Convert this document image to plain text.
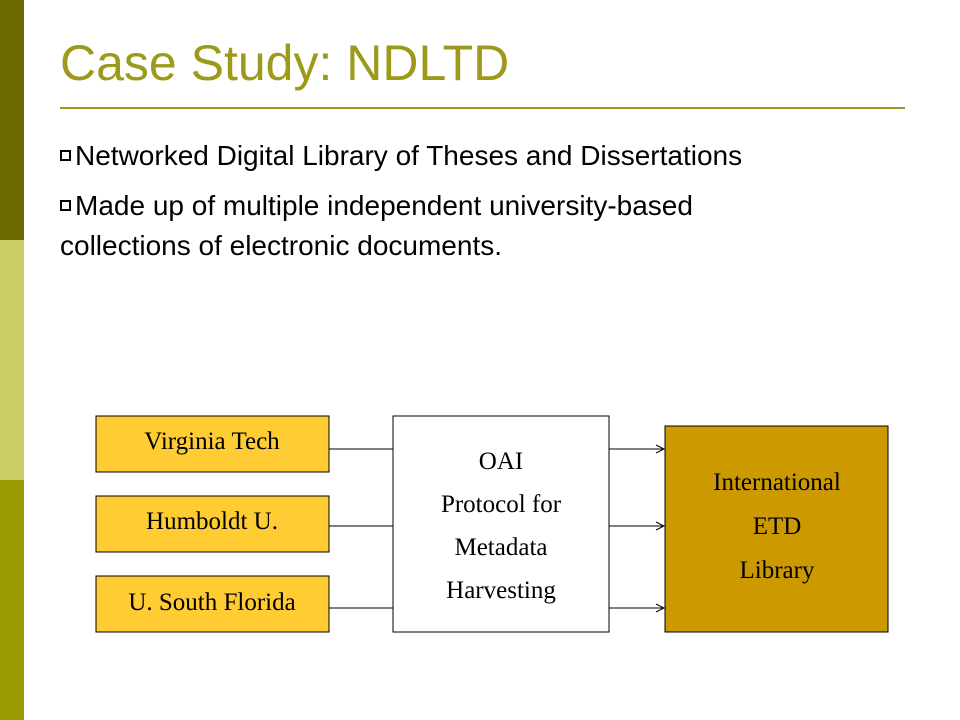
Case Study: NDLTD
Networked Digital Library of Theses and Dissertations
Made up of multiple independent university-based collections of electronic documents.
Virginia Tech
Humboldt U.
U. South Florida
OAI
Protocol for
Metadata
Harvesting
International
ETD
Library
